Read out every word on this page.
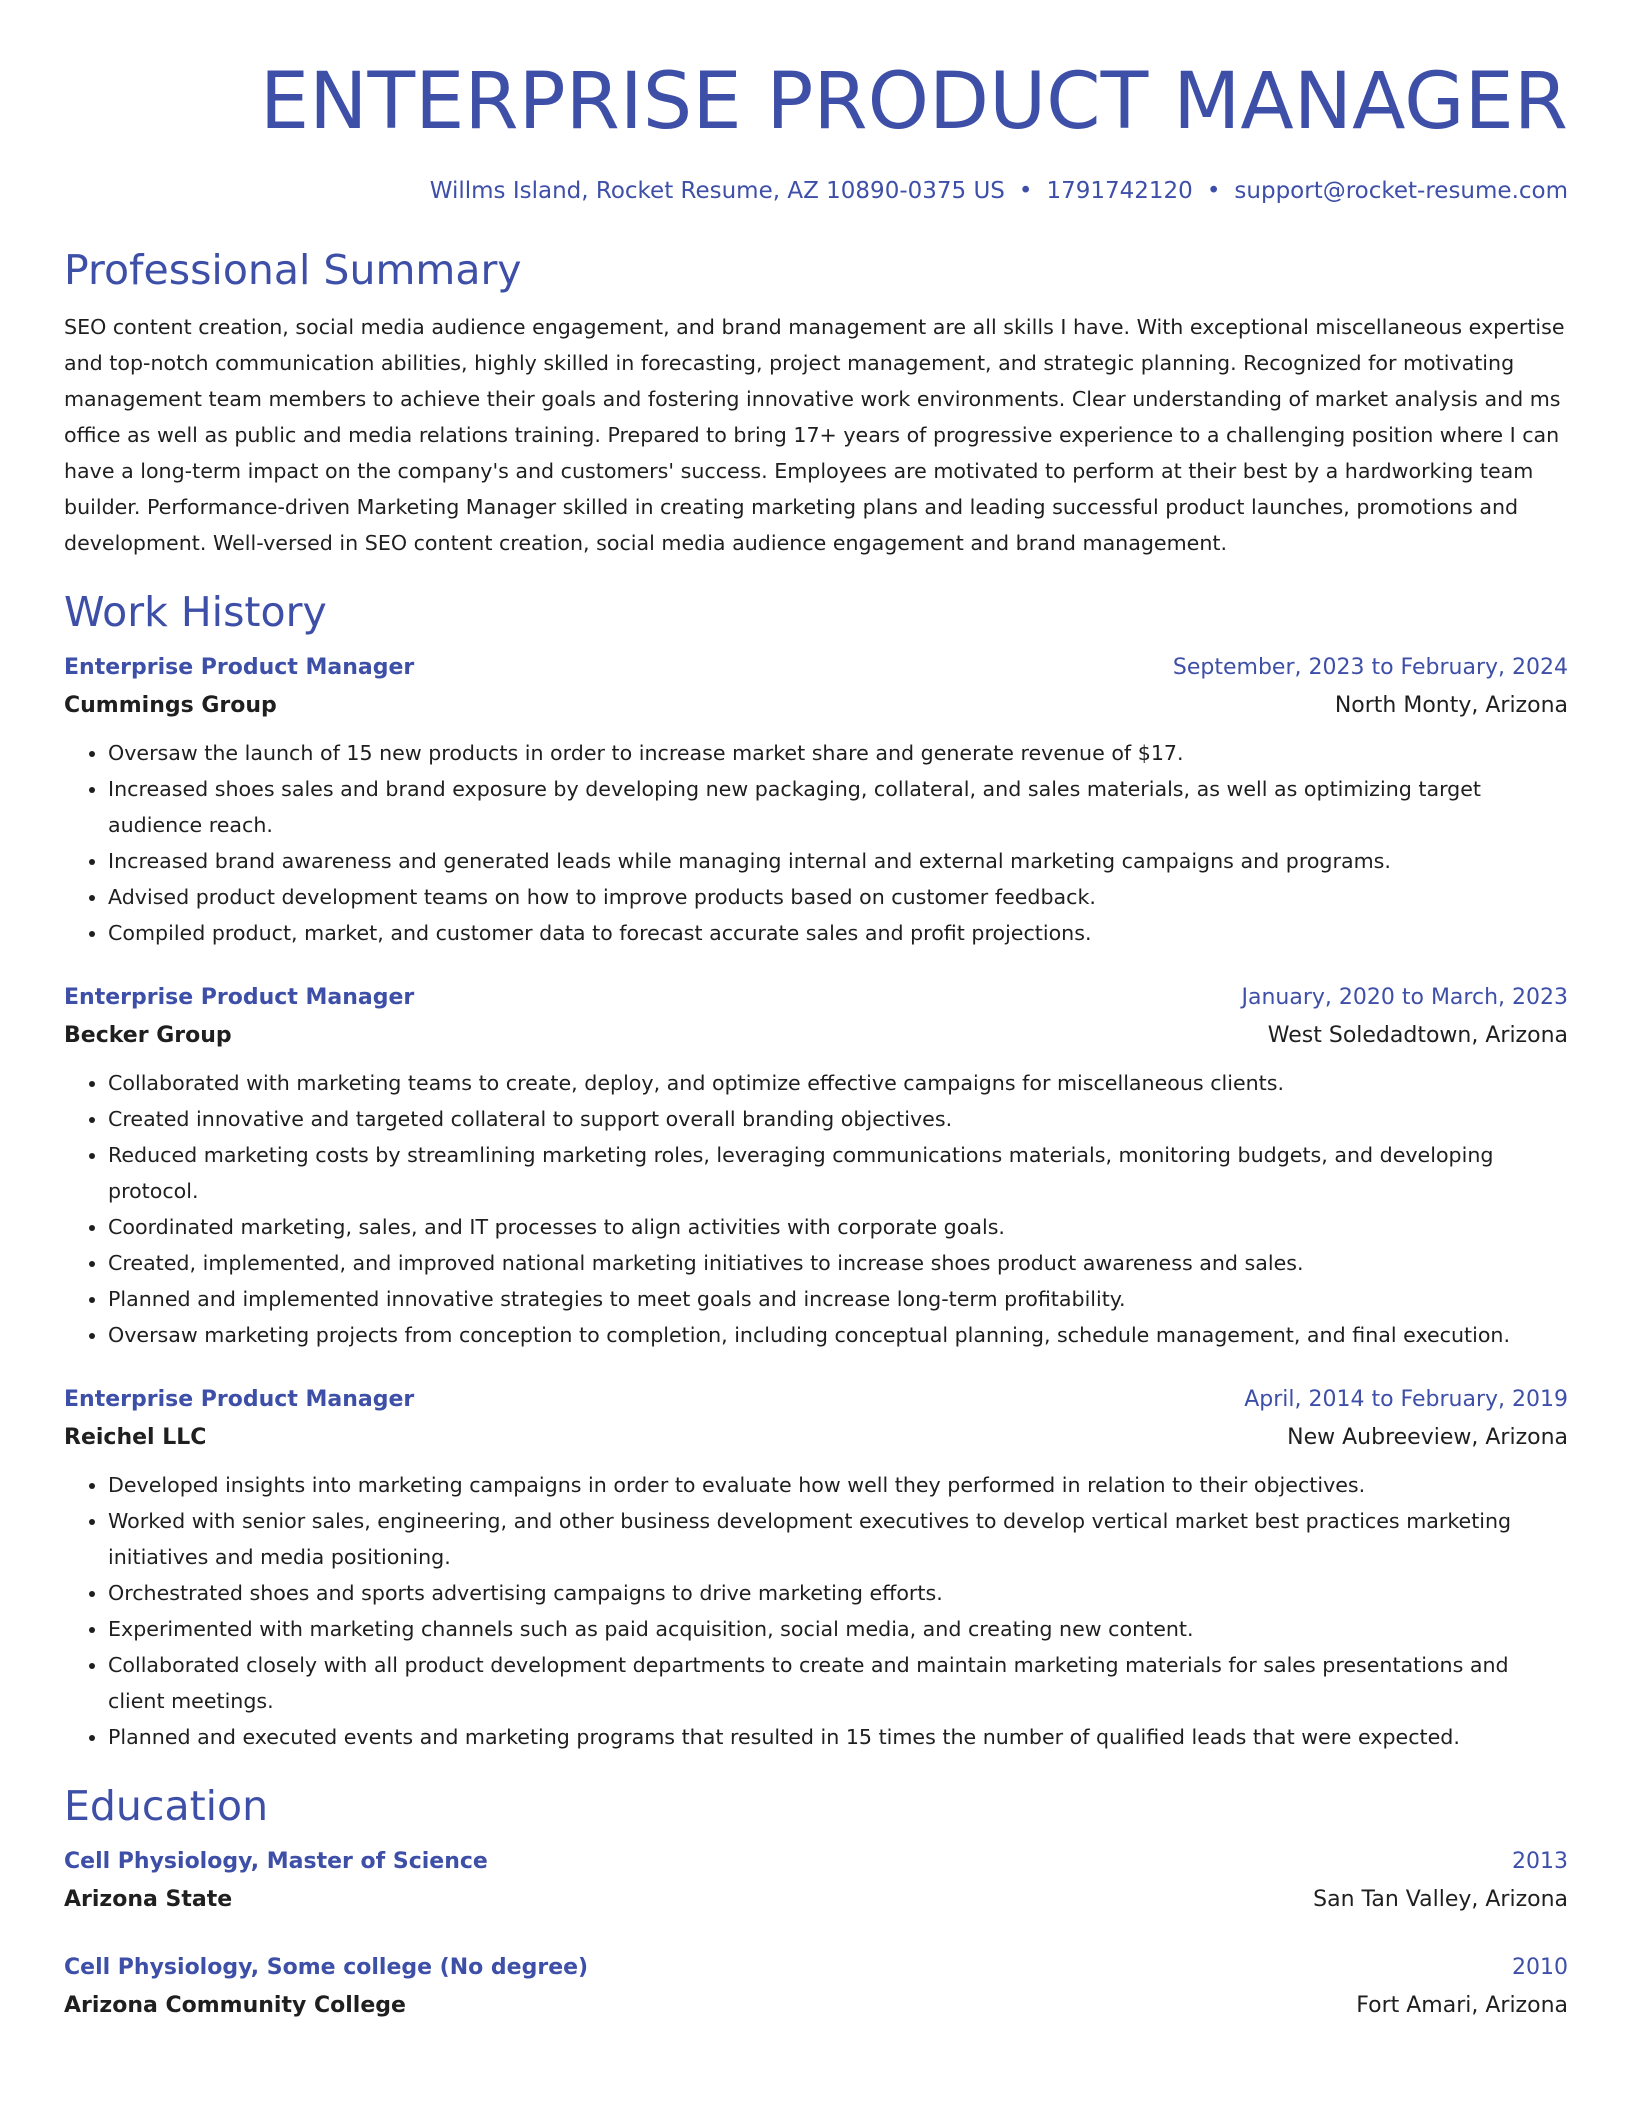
ENTERPRISE PRODUCT MANAGER
Willms Island, Rocket Resume, AZ 10890-0375 US • 1791742120 • support@rocket-resume.com
Professional Summary

SEO content creation, social media audience engagement, and brand management are all skills I have. With exceptional miscellaneous expertise and top-notch communication abilities, highly skilled in forecasting, project management, and strategic planning. Recognized for motivating management team members to achieve their goals and fostering innovative work environments. Clear understanding of market analysis and ms office as well as public and media relations training. Prepared to bring 17+ years of progressive experience to a challenging position where I can have a long-term impact on the company's and customers' success. Employees are motivated to perform at their best by a hardworking team builder. Performance-driven Marketing Manager skilled in creating marketing plans and leading successful product launches, promotions and development. Well-versed in SEO content creation, social media audience engagement and brand management.

Work History
Enterprise Product Manager	September, 2023 to February, 2024
Cummings Group	North Monty, Arizona
• Oversaw the launch of 15 new products in order to increase market share and generate revenue of $17.
• Increased shoes sales and brand exposure by developing new packaging, collateral, and sales materials, as well as optimizing target audience reach.
• Increased brand awareness and generated leads while managing internal and external marketing campaigns and programs.
• Advised product development teams on how to improve products based on customer feedback.
• Compiled product, market, and customer data to forecast accurate sales and profit projections.
Enterprise Product Manager	January, 2020 to March, 2023
Becker Group	West Soledadtown, Arizona
• Collaborated with marketing teams to create, deploy, and optimize effective campaigns for miscellaneous clients.
• Created innovative and targeted collateral to support overall branding objectives.
• Reduced marketing costs by streamlining marketing roles, leveraging communications materials, monitoring budgets, and developing protocol.
• Coordinated marketing, sales, and IT processes to align activities with corporate goals.
• Created, implemented, and improved national marketing initiatives to increase shoes product awareness and sales.
• Planned and implemented innovative strategies to meet goals and increase long-term profitability.
• Oversaw marketing projects from conception to completion, including conceptual planning, schedule management, and final execution.
Enterprise Product Manager	April, 2014 to February, 2019
Reichel LLC	New Aubreeview, Arizona
• Developed insights into marketing campaigns in order to evaluate how well they performed in relation to their objectives.
• Worked with senior sales, engineering, and other business development executives to develop vertical market best practices marketing initiatives and media positioning.
• Orchestrated shoes and sports advertising campaigns to drive marketing efforts.
• Experimented with marketing channels such as paid acquisition, social media, and creating new content.
• Collaborated closely with all product development departments to create and maintain marketing materials for sales presentations and client meetings.
• Planned and executed events and marketing programs that resulted in 15 times the number of qualified leads that were expected.
Education
Cell Physiology, Master of Science	2013
Arizona State	San Tan Valley, Arizona
Cell Physiology, Some college (No degree)	2010
Arizona Community College	Fort Amari, Arizona
